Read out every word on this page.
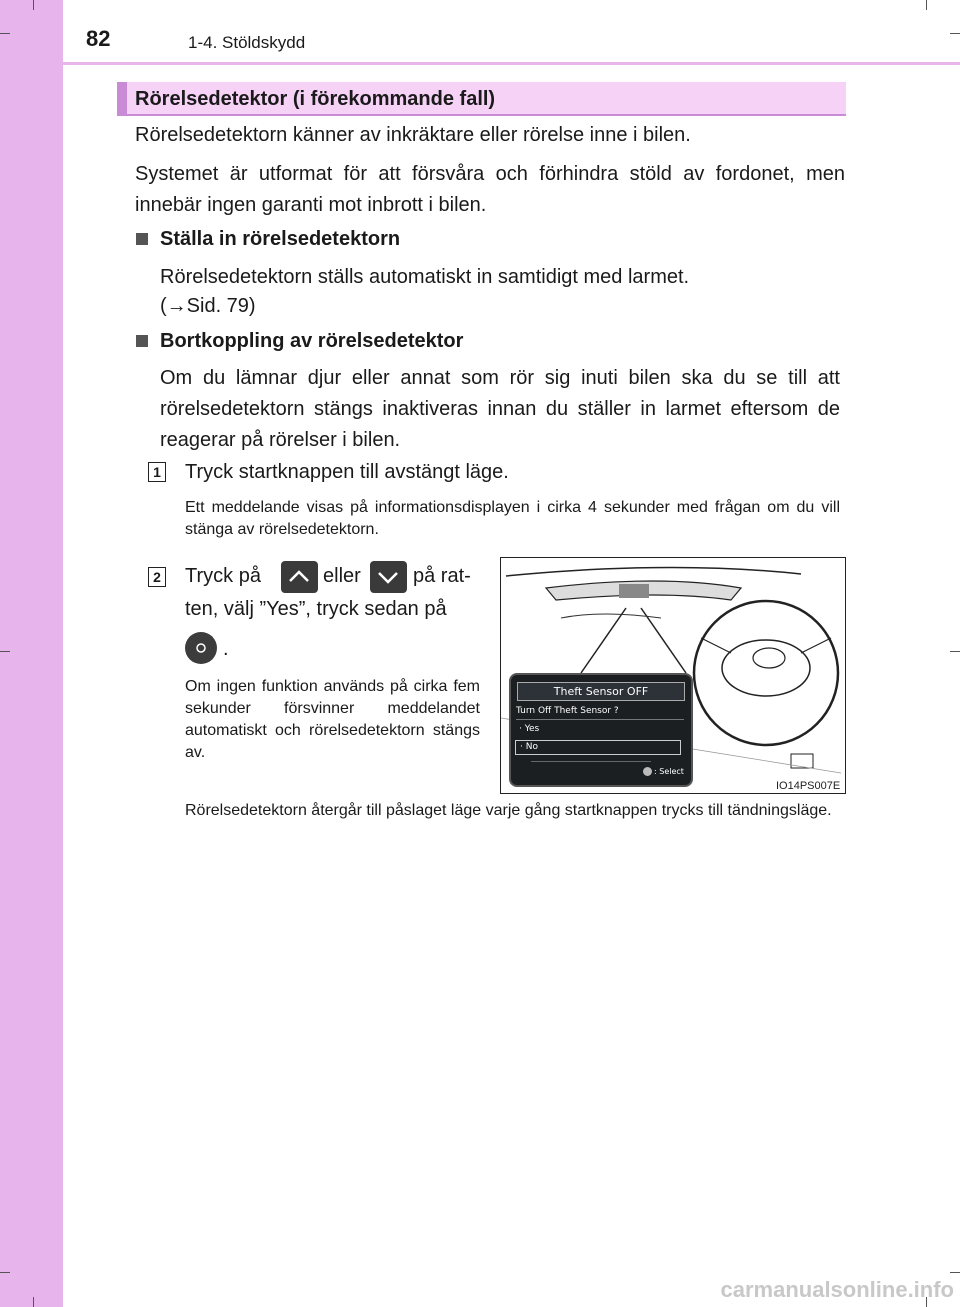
82	1-4. Stöldskydd
Rörelsedetektor (i förekommande fall)
Rörelsedetektorn känner av inkräktare eller rörelse inne i bilen.
Systemet är utformat för att försvåra och förhindra stöld av fordonet, men innebär ingen garanti mot inbrott i bilen.
Ställa in rörelsedetektorn
Rörelsedetektorn ställs automatiskt in samtidigt med larmet.
(→Sid. 79)
Bortkoppling av rörelsedetektor
Om du lämnar djur eller annat som rör sig inuti bilen ska du se till att rörelsedetektorn stängs inaktiveras innan du ställer in larmet eftersom de reagerar på rörelser i bilen.
1 Tryck startknappen till avstängt läge.
Ett meddelande visas på informationsdisplayen i cirka 4 sekunder med frågan om du vill stänga av rörelsedetektorn.
2 Tryck på	eller	på rat-
ten, välj ”Yes”, tryck sedan på
.
Om ingen funktion används på cirka fem sekunder försvinner meddelandet automatiskt och rörelsedetektorn stängs av.
Theft Sensor OFF
Turn Off Theft Sensor ?
· Yes
· No
: Select
IO14PS007E
Rörelsedetektorn återgår till påslaget läge varje gång startknappen trycks till tändningsläge.
carmanualsonline.info
